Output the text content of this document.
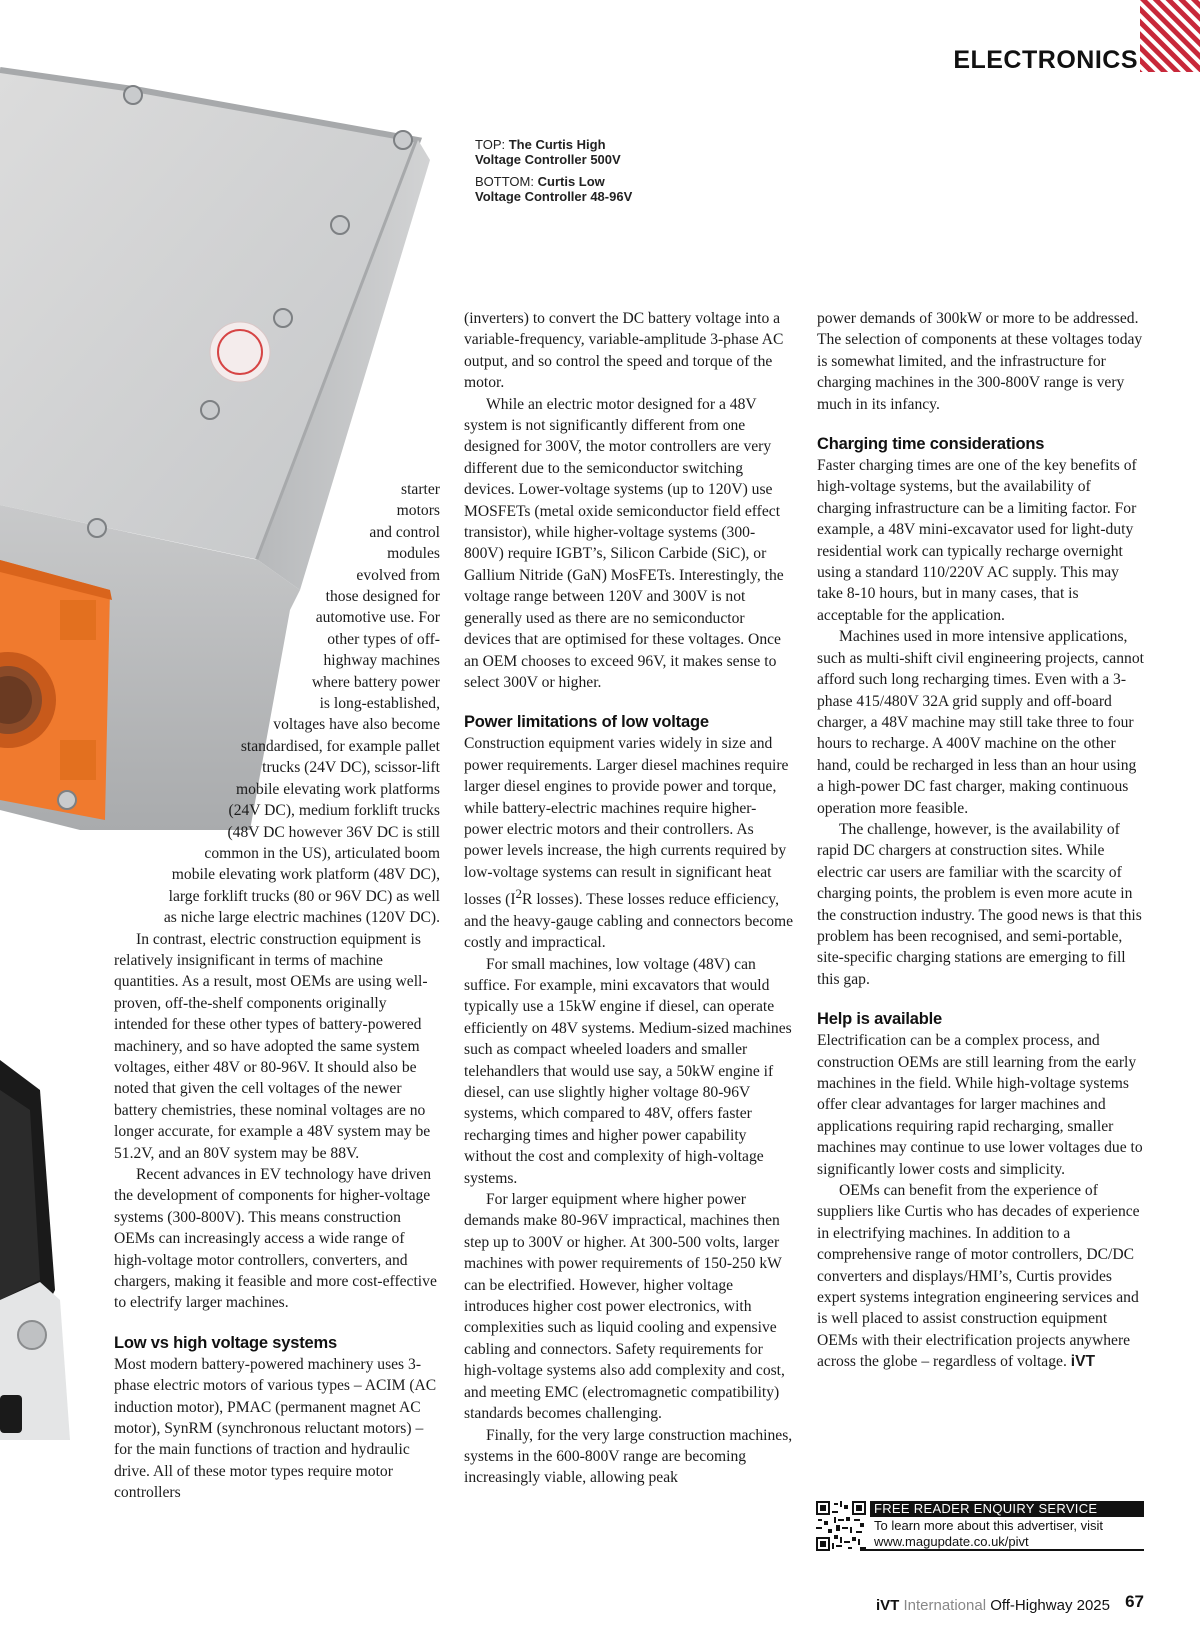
ELECTRONICS

TOP: The Curtis High Voltage Controller 500V

BOTTOM: Curtis Low Voltage Controller 48-96V

starter
motors
and control
modules
evolved from
those designed for
automotive use. For
other types of off-
highway machines
where battery power
is long-established,
voltages have also become
standardised, for example pallet
trucks (24V DC), scissor-lift
mobile elevating work platforms
(24V DC), medium forklift trucks
(48V DC however 36V DC is still
common in the US), articulated boom
mobile elevating work platform (48V DC),
large forklift trucks (80 or 96V DC) as well
as niche large electric machines (120V DC).

In contrast, electric construction equipment is relatively insignificant in terms of machine quantities. As a result, most OEMs are using well-proven, off-the-shelf components originally intended for these other types of battery-powered machinery, and so have adopted the same system voltages, either 48V or 80-96V. It should also be noted that given the cell voltages of the newer battery chemistries, these nominal voltages are no longer accurate, for example a 48V system may be 51.2V, and an 80V system may be 88V.

Recent advances in EV technology have driven the development of components for higher-voltage systems (300-800V). This means construction OEMs can increasingly access a wide range of high-voltage motor controllers, converters, and chargers, making it feasible and more cost-effective to electrify larger machines.

Low vs high voltage systems

Most modern battery-powered machinery uses 3-phase electric motors of various types – ACIM (AC induction motor), PMAC (permanent magnet AC motor), SynRM (synchronous reluctant motors) – for the main functions of traction and hydraulic drive. All of these motor types require motor controllers

(inverters) to convert the DC battery voltage into a variable-frequency, variable-amplitude 3-phase AC output, and so control the speed and torque of the motor.

While an electric motor designed for a 48V system is not significantly different from one designed for 300V, the motor controllers are very different due to the semiconductor switching devices. Lower-voltage systems (up to 120V) use MOSFETs (metal oxide semiconductor field effect transistor), while higher-voltage systems (300-800V) require IGBT’s, Silicon Carbide (SiC), or Gallium Nitride (GaN) MosFETs. Interestingly, the voltage range between 120V and 300V is not generally used as there are no semiconductor devices that are optimised for these voltages. Once an OEM chooses to exceed 96V, it makes sense to select 300V or higher.

Power limitations of low voltage

Construction equipment varies widely in size and power requirements. Larger diesel machines require larger diesel engines to provide power and torque, while battery-electric machines require higher-power electric motors and their controllers. As power levels increase, the high currents required by low-voltage systems can result in significant heat losses ($I^2R$ losses). These losses reduce efficiency, and the heavy-gauge cabling and connectors become costly and impractical.

For small machines, low voltage (48V) can suffice. For example, mini excavators that would typically use a 15kW engine if diesel, can operate efficiently on 48V systems. Medium-sized machines such as compact wheeled loaders and smaller telehandlers that would use say, a 50kW engine if diesel, can use slightly higher voltage 80-96V systems, which compared to 48V, offers faster recharging times and higher power capability without the cost and complexity of high-voltage systems.

For larger equipment where higher power demands make 80-96V impractical, machines then step up to 300V or higher. At 300-500 volts, larger machines with power requirements of 150-250 kW can be electrified. However, higher voltage introduces higher cost power electronics, with complexities such as liquid cooling and expensive cabling and connectors. Safety requirements for high-voltage systems also add complexity and cost, and meeting EMC (electromagnetic compatibility) standards becomes challenging.

Finally, for the very large construction machines, systems in the 600-800V range are becoming increasingly viable, allowing peak

power demands of 300kW or more to be addressed. The selection of components at these voltages today is somewhat limited, and the infrastructure for charging machines in the 300-800V range is very much in its infancy.

Charging time considerations

Faster charging times are one of the key benefits of high-voltage systems, but the availability of charging infrastructure can be a limiting factor. For example, a 48V mini-excavator used for light-duty residential work can typically recharge overnight using a standard 110/220V AC supply. This may take 8-10 hours, but in many cases, that is acceptable for the application.

Machines used in more intensive applications, such as multi-shift civil engineering projects, cannot afford such long recharging times. Even with a 3-phase 415/480V 32A grid supply and off-board charger, a 48V machine may still take three to four hours to recharge. A 400V machine on the other hand, could be recharged in less than an hour using a high-power DC fast charger, making continuous operation more feasible.

The challenge, however, is the availability of rapid DC chargers at construction sites. While electric car users are familiar with the scarcity of charging points, the problem is even more acute in the construction industry. The good news is that this problem has been recognised, and semi-portable, site-specific charging stations are emerging to fill this gap.

Help is available

Electrification can be a complex process, and construction OEMs are still learning from the early machines in the field. While high-voltage systems offer clear advantages for larger machines and applications requiring rapid recharging, smaller machines may continue to use lower voltages due to significantly lower costs and simplicity.

OEMs can benefit from the experience of suppliers like Curtis who has decades of experience in electrifying machines. In addition to a comprehensive range of motor controllers, DC/DC converters and displays/HMI’s, Curtis provides expert systems integration engineering services and is well placed to assist construction equipment OEMs with their electrification projects anywhere across the globe – regardless of voltage. iVT

FREE READER ENQUIRY SERVICE
To learn more about this advertiser, visit
www.magupdate.co.uk/pivt
iVT International Off-Highway 2025 67
